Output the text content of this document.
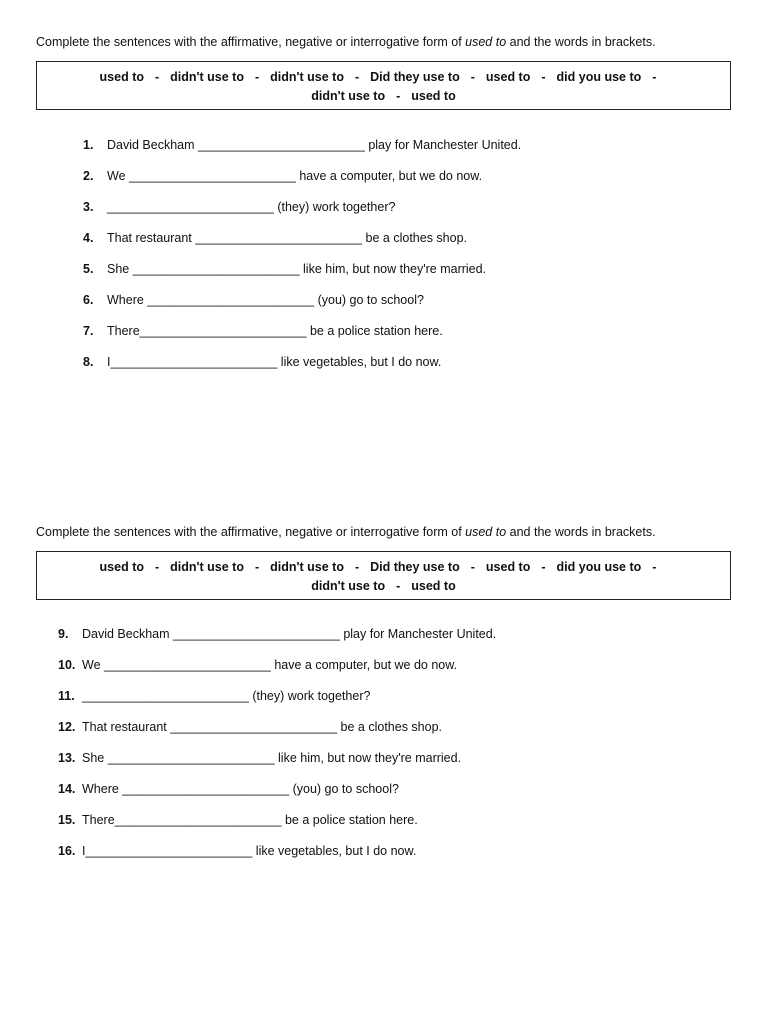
Complete the sentences with the affirmative, negative or interrogative form of used to and the words in brackets.

used to - didn't use to - didn't use to - Did they use to - used to - did you use to -
didn't use to - used to
1. David Beckham ________________________ play for Manchester United.
2. We ________________________ have a computer, but we do now.
3. ________________________ (they) work together?
4. That restaurant ________________________ be a clothes shop.
5. She ________________________ like him, but now they're married.
6. Where ________________________ (you) go to school?
7. There________________________ be a police station here.
8. I________________________ like vegetables, but I do now.

Complete the sentences with the affirmative, negative or interrogative form of used to and the words in brackets.

used to - didn't use to - didn't use to - Did they use to - used to - did you use to -
didn't use to - used to
9. David Beckham ________________________ play for Manchester United.
10. We ________________________ have a computer, but we do now.
11. ________________________ (they) work together?
12. That restaurant ________________________ be a clothes shop.
13. She ________________________ like him, but now they're married.
14. Where ________________________ (you) go to school?
15. There________________________ be a police station here.
16. I________________________ like vegetables, but I do now.
